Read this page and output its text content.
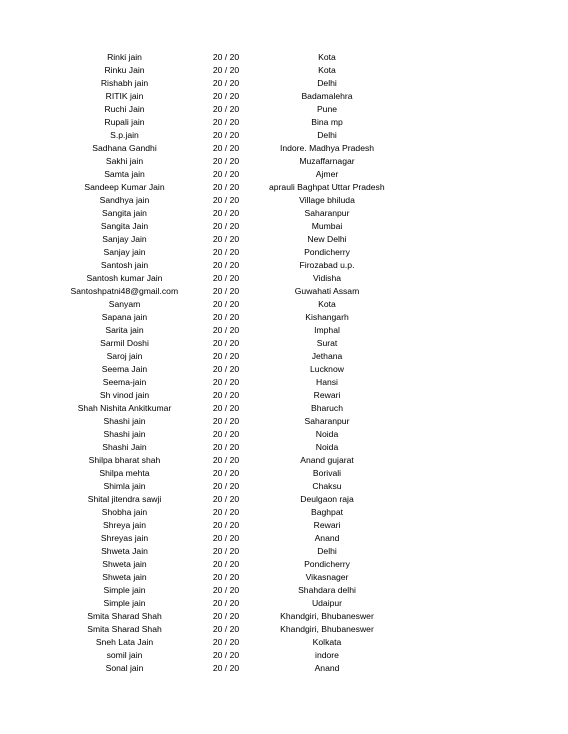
Rinki jain	20 / 20	Kota
Rinku Jain	20 / 20	Kota
Rishabh jain	20 / 20	Delhi
RITIK jain	20 / 20	Badamalehra
Ruchi Jain	20 / 20	Pune
Rupali jain	20 / 20	Bina mp
S.p.jain	20 / 20	Delhi
Sadhana Gandhi	20 / 20	Indore. Madhya Pradesh
Sakhi jain	20 / 20	Muzaffarnagar
Samta jain	20 / 20	Ajmer
Sandeep Kumar Jain	20 / 20	aprauli Baghpat Uttar Pradesh
Sandhya jain	20 / 20	Village bhiluda
Sangita jain	20 / 20	Saharanpur
Sangita Jain	20 / 20	Mumbai
Sanjay Jain	20 / 20	New Delhi
Sanjay jain	20 / 20	Pondicherry
Santosh jain	20 / 20	Firozabad u.p.
Santosh kumar Jain	20 / 20	Vidisha
Santoshpatni48@gmail.com	20 / 20	Guwahati Assam
Sanyam	20 / 20	Kota
Sapana jain	20 / 20	Kishangarh
Sarita jain	20 / 20	Imphal
Sarmil Doshi	20 / 20	Surat
Saroj jain	20 / 20	Jethana
Seema Jain	20 / 20	Lucknow
Seema-jain	20 / 20	Hansi
Sh vinod jain	20 / 20	Rewari
Shah Nishita Ankitkumar	20 / 20	Bharuch
Shashi jain	20 / 20	Saharanpur
Shashi jain	20 / 20	Noida
Shashi Jain	20 / 20	Noida
Shilpa bharat shah	20 / 20	Anand gujarat
Shilpa mehta	20 / 20	Borivali
Shimla jain	20 / 20	Chaksu
Shital jitendra sawji	20 / 20	Deulgaon raja
Shobha jain	20 / 20	Baghpat
Shreya jain	20 / 20	Rewari
Shreyas jain	20 / 20	Anand
Shweta Jain	20 / 20	Delhi
Shweta jain	20 / 20	Pondicherry
Shweta jain	20 / 20	Vikasnager
Simple jain	20 / 20	Shahdara delhi
Simple jain	20 / 20	Udaipur
Smita Sharad Shah	20 / 20	Khandgiri, Bhubaneswer
Smita Sharad Shah	20 / 20	Khandgiri, Bhubaneswer
Sneh Lata Jain	20 / 20	Kolkata
somil jain	20 / 20	indore
Sonal jain	20 / 20	Anand
